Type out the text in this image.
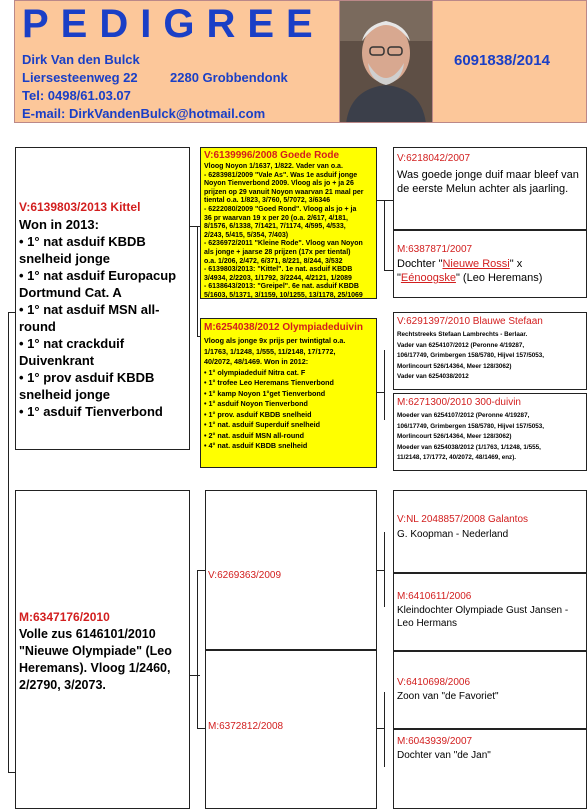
PEDIGREE
Dirk Van den Bulck
Liersesteenweg 22 2280 Grobbendonk
Tel: 0498/61.03.07
E-mail: DirkVandenBulck@hotmail.com
6091838/2014
V:6139803/2013 Kittel
Won in 2013:
• 1° nat asduif KBDB snelheid jonge
• 1° nat asduif Europacup Dortmund Cat. A
• 1° nat asduif MSN all-round
• 1° nat crackduif Duivenkrant
• 1° prov asduif KBDB snelheid jonge
• 1° asduif Tienverbond
V:6139996/2008 Goede Rode
Vloog Noyon 1/1637, 1/822. Vader van o.a.
- 6283981/2009 "Vale As". Was 1e asduif jonge
Noyon Tienverbond 2009. Vloog als jo + ja 26
prijzen op 29 vanuit Noyon waarvan 21 maal per
tiental o.a. 1/823, 3/760, 5/7072, 3/6346
- 6222080/2009 "Goed Rond". Vloog als jo + ja
36 pr waarvan 19 x per 20 (o.a. 2/617, 4/181,
8/1576, 6/1338, 7/1421, 7/1174, 4/595, 4/533,
2/243, 5/415, 5/354, 7/403)
- 6236972/2011 "Kleine Rode". Vloog van Noyon
als jonge + jaarse 28 prijzen (17x per tiental)
o.a. 1/206, 2/472, 6/371, 8/221, 8/244, 3/532
- 6139803/2013: "Kittel". 1e nat. asduif KBDB
3/4934, 2/2203, 1/1792, 3/2244, 4/2121, 1/2089
- 6138643/2013: "Greipel". 6e nat. asduif KBDB
5/1603, 5/1371, 3/1159, 10/1255, 13/1178, 25/1069
M:6254038/2012 Olympiadeduivin
Vloog als jonge 9x prijs per twintigtal o.a.
1/1763, 1/1248, 1/555, 11/2148, 17/1772,
40/2072, 48/1469. Won in 2012:
• 1° olympiadeduif Nitra cat. F
• 1° trofee Leo Heremans Tienverbond
• 1° kamp Noyon 1°get Tienverbond
• 1° asduif Noyon Tienverbond
• 1° prov. asduif KBDB snelheid
• 1° nat. asduif Superduif snelheid
• 2° nat. asduif MSN all-round
• 4° nat. asduif KBDB snelheid
V:6218042/2007
Was goede jonge duif maar bleef van de eerste Melun achter als jaarling.
M:6387871/2007
Dochter "Nieuwe Rossi" x "Eénoogske" (Leo Heremans)
V:6291397/2010 Blauwe Stefaan
Rechtstreeks Stefaan Lambrechts - Berlaar.
Vader van 6254107/2012 (Peronne 4/19287,
106/17749, Grimbergen 158/5780, Hijvel 157/5053,
Morlincourt 526/14364, Meer 128/3062)
Vader van 6254038/2012
M:6271300/2010 300-duivin
Moeder van 6254107/2012 (Peronne 4/19287,
106/17749, Grimbergen 158/5780, Hijvel 157/5053,
Morlincourt 526/14364, Meer 128/3062)
Moeder van 6254038/2012 (1/1763, 1/1248, 1/555,
11/2148, 17/1772, 40/2072, 48/1469, enz).
M:6347176/2010
Volle zus 6146101/2010 "Nieuwe Olympiade" (Leo Heremans). Vloog 1/2460, 2/2790, 3/2073.
V:6269363/2009
M:6372812/2008
V:NL 2048857/2008 Galantos
G. Koopman - Nederland
M:6410611/2006
Kleindochter Olympiade Gust Jansen - Leo Hermans
V:6410698/2006
Zoon van "de Favoriet"
M:6043939/2007
Dochter van "de Jan"
